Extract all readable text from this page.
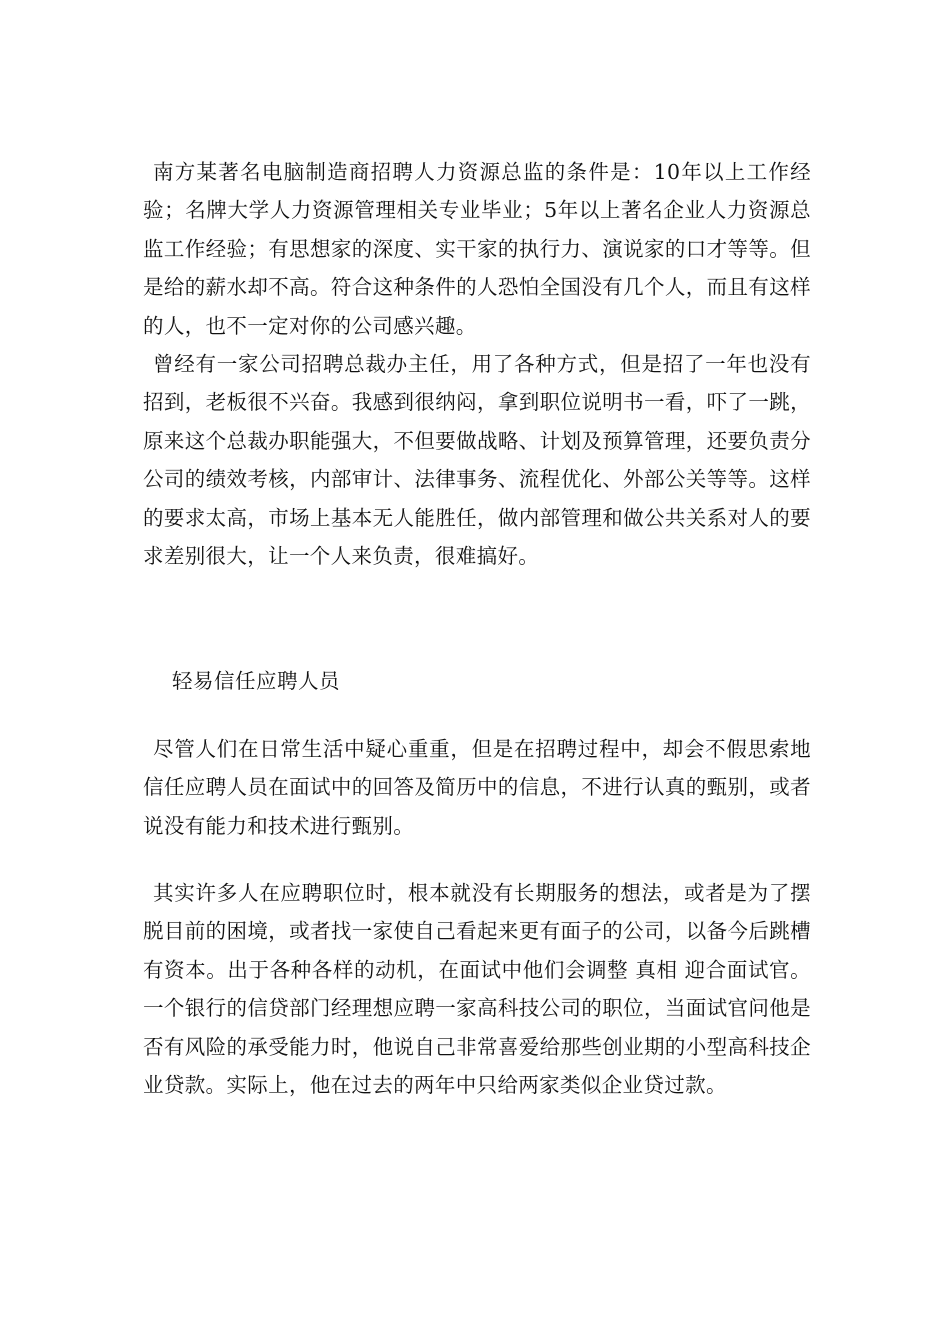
南方某著名电脑制造商招聘人力资源总监的条件是：10年以上工作经验；名牌大学人力资源管理相关专业毕业；5年以上著名企业人力资源总监工作经验；有思想家的深度、实干家的执行力、演说家的口才等等。但是给的薪水却不高。符合这种条件的人恐怕全国没有几个人，而且有这样的人，也不一定对你的公司感兴趣。

曾经有一家公司招聘总裁办主任，用了各种方式，但是招了一年也没有招到，老板很不兴奋。我感到很纳闷，拿到职位说明书一看，吓了一跳，原来这个总裁办职能强大，不但要做战略、计划及预算管理，还要负责分公司的绩效考核，内部审计、法律事务、流程优化、外部公关等等。这样的要求太高，市场上基本无人能胜任，做内部管理和做公共关系对人的要求差别很大，让一个人来负责，很难搞好。

轻易信任应聘人员

尽管人们在日常生活中疑心重重，但是在招聘过程中，却会不假思索地信任应聘人员在面试中的回答及简历中的信息，不进行认真的甄别，或者说没有能力和技术进行甄别。

其实许多人在应聘职位时，根本就没有长期服务的想法，或者是为了摆脱目前的困境，或者找一家使自己看起来更有面子的公司，以备今后跳槽有资本。出于各种各样的动机，在面试中他们会调整 真相 迎合面试官。一个银行的信贷部门经理想应聘一家高科技公司的职位，当面试官问他是否有风险的承受能力时，他说自己非常喜爱给那些创业期的小型高科技企业贷款。实际上，他在过去的两年中只给两家类似企业贷过款。
